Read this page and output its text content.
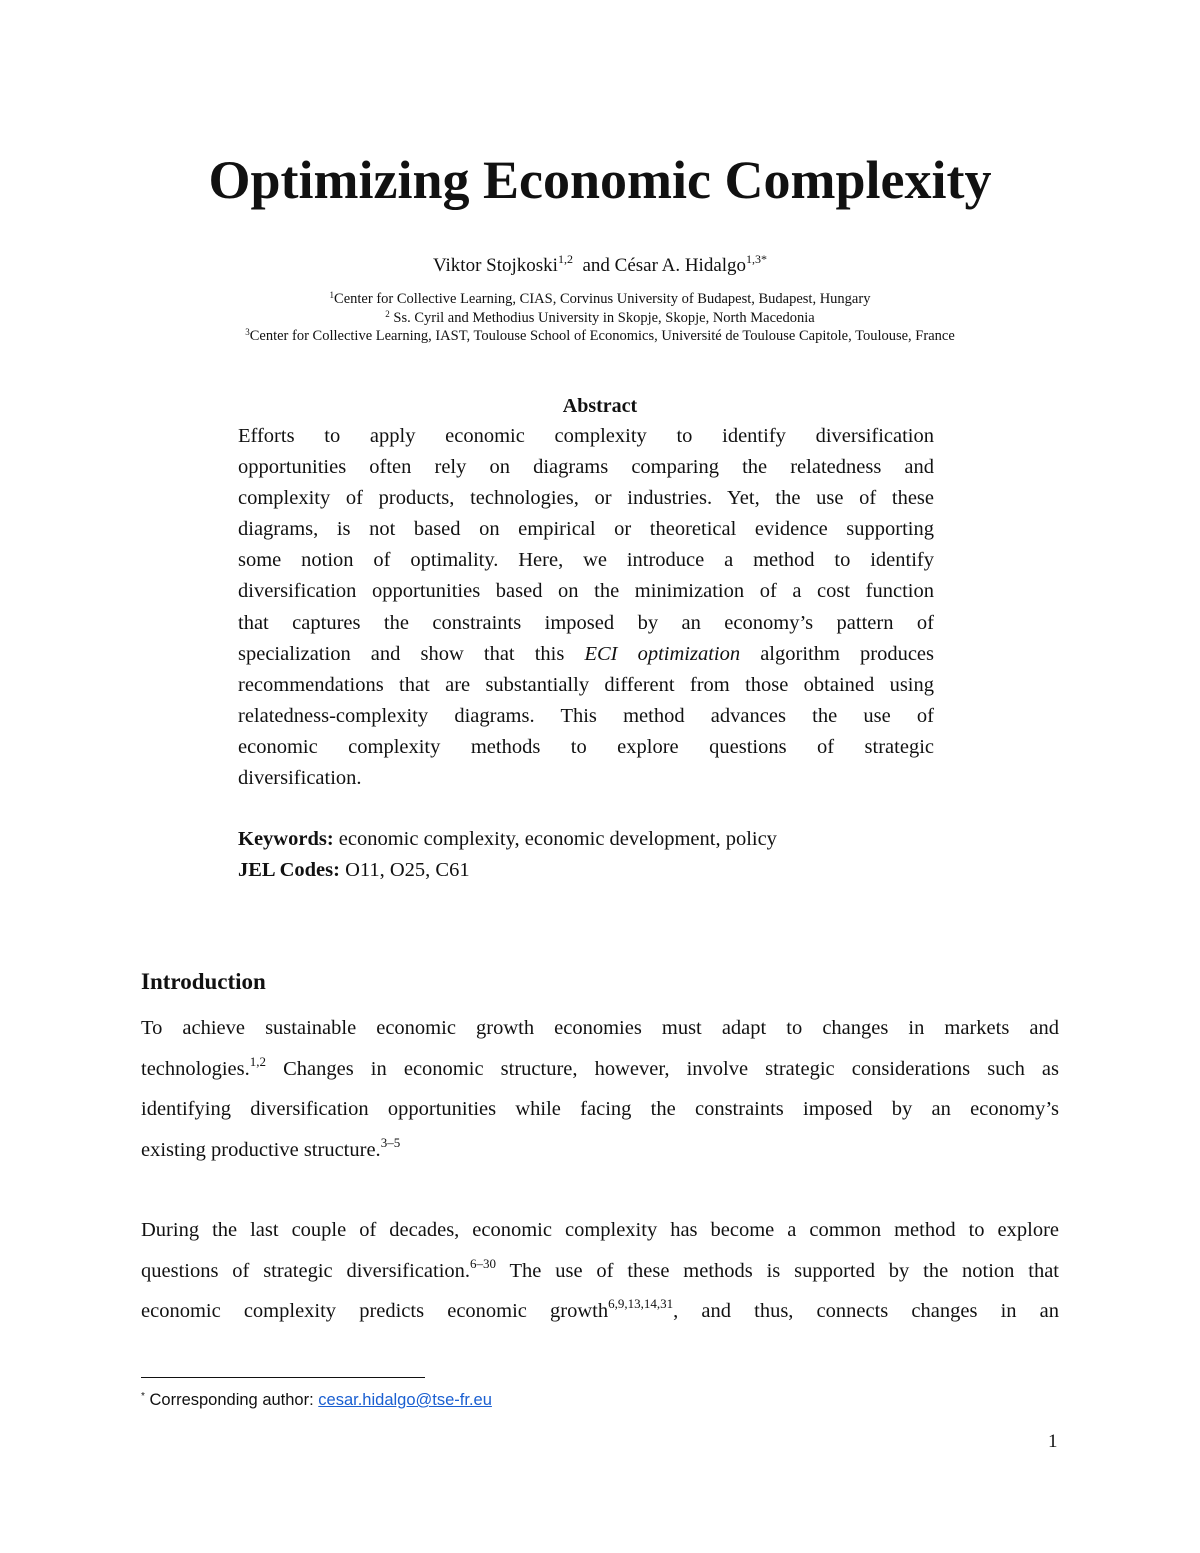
Optimizing Economic Complexity
Viktor Stojkoski$^{1,2}$ and César A. Hidalgo$^{1,3*}$
$^1$Center for Collective Learning, CIAS, Corvinus University of Budapest, Budapest, Hungary
$^2$ Ss. Cyril and Methodius University in Skopje, Skopje, North Macedonia
$^3$Center for Collective Learning, IAST, Toulouse School of Economics, Université de Toulouse Capitole, Toulouse, France
Abstract
Efforts to apply economic complexity to identify diversification
opportunities often rely on diagrams comparing the relatedness and
complexity of products, technologies, or industries. Yet, the use of these
diagrams, is not based on empirical or theoretical evidence supporting
some notion of optimality. Here, we introduce a method to identify
diversification opportunities based on the minimization of a cost function
that captures the constraints imposed by an economy’s pattern of
specialization and show that this ECI optimization algorithm produces
recommendations that are substantially different from those obtained using
relatedness-complexity diagrams. This method advances the use of
economic complexity methods to explore questions of strategic
diversification.
Keywords: economic complexity, economic development, policy
JEL Codes: O11, O25, C61
Introduction
To achieve sustainable economic growth economies must adapt to changes in markets and
technologies.$^{1,2}$ Changes in economic structure, however, involve strategic considerations such as
identifying diversification opportunities while facing the constraints imposed by an economy’s
existing productive structure.$^{3-5}$
During the last couple of decades, economic complexity has become a common method to explore
questions of strategic diversification.$^{6-30}$ The use of these methods is supported by the notion that
economic complexity predicts economic growth$^{6,9,13,14,31}$, and thus, connects changes in an
* Corresponding author: cesar.hidalgo@tse-fr.eu
1
